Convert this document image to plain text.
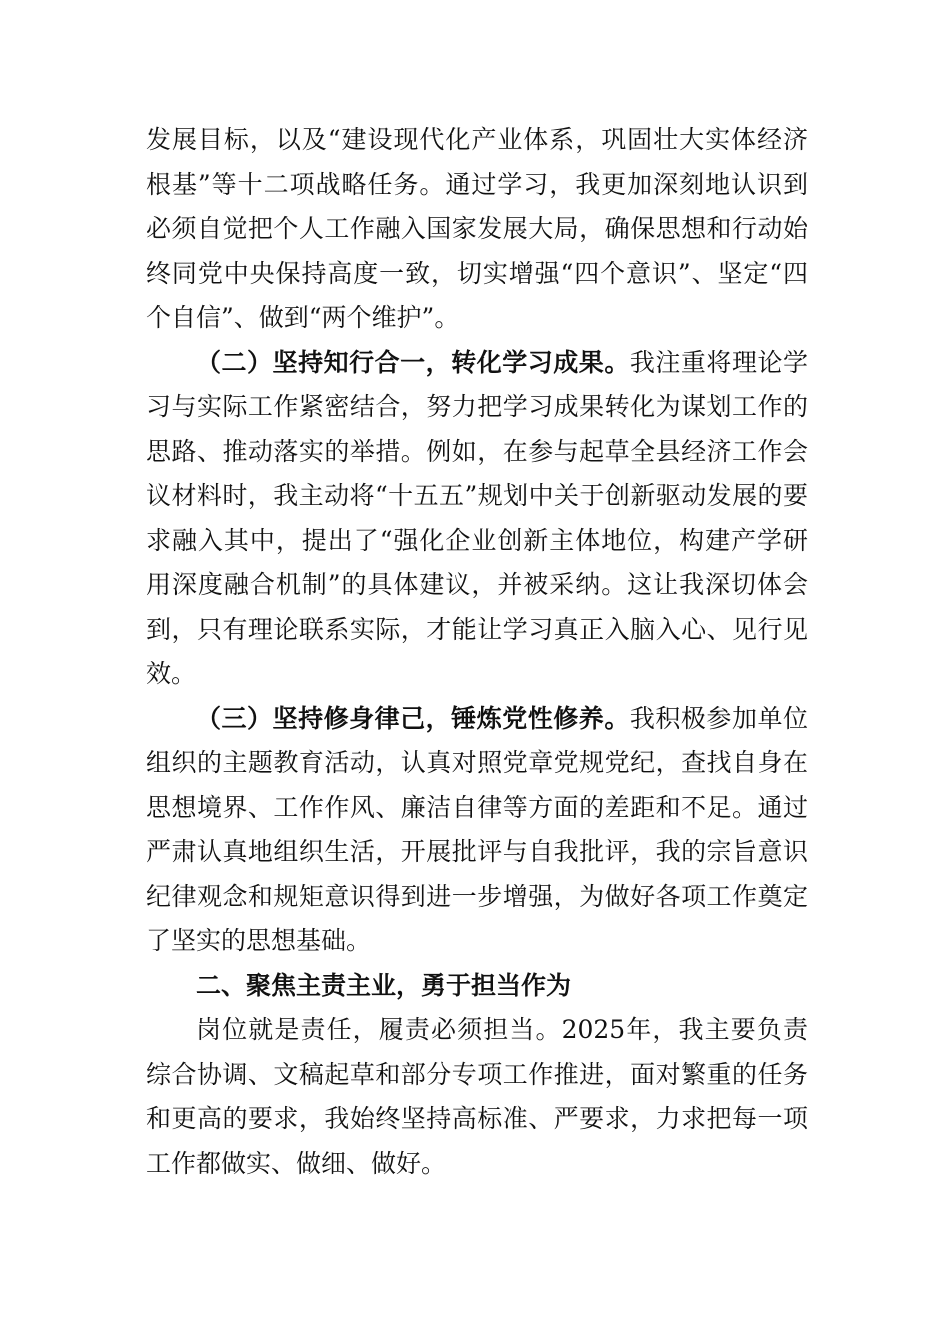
发展目标，以及“建设现代化产业体系，巩固壮大实体经济根基”等十二项战略任务。通过学习，我更加深刻地认识到必须自觉把个人工作融入国家发展大局，确保思想和行动始终同党中央保持高度一致，切实增强“四个意识”、坚定“四个自信”、做到“两个维护”。

（二）坚持知行合一，转化学习成果。我注重将理论学习与实际工作紧密结合，努力把学习成果转化为谋划工作的思路、推动落实的举措。例如，在参与起草全县经济工作会议材料时，我主动将“十五五”规划中关于创新驱动发展的要求融入其中，提出了“强化企业创新主体地位，构建产学研用深度融合机制”的具体建议，并被采纳。这让我深切体会到，只有理论联系实际，才能让学习真正入脑入心、见行见效。

（三）坚持修身律己，锤炼党性修养。我积极参加单位组织的主题教育活动，认真对照党章党规党纪，查找自身在思想境界、工作作风、廉洁自律等方面的差距和不足。通过严肃认真地组织生活，开展批评与自我批评，我的宗旨意识纪律观念和规矩意识得到进一步增强，为做好各项工作奠定了坚实的思想基础。

二、聚焦主责主业，勇于担当作为

岗位就是责任，履责必须担当。2025年，我主要负责综合协调、文稿起草和部分专项工作推进，面对繁重的任务和更高的要求，我始终坚持高标准、严要求，力求把每一项工作都做实、做细、做好。
